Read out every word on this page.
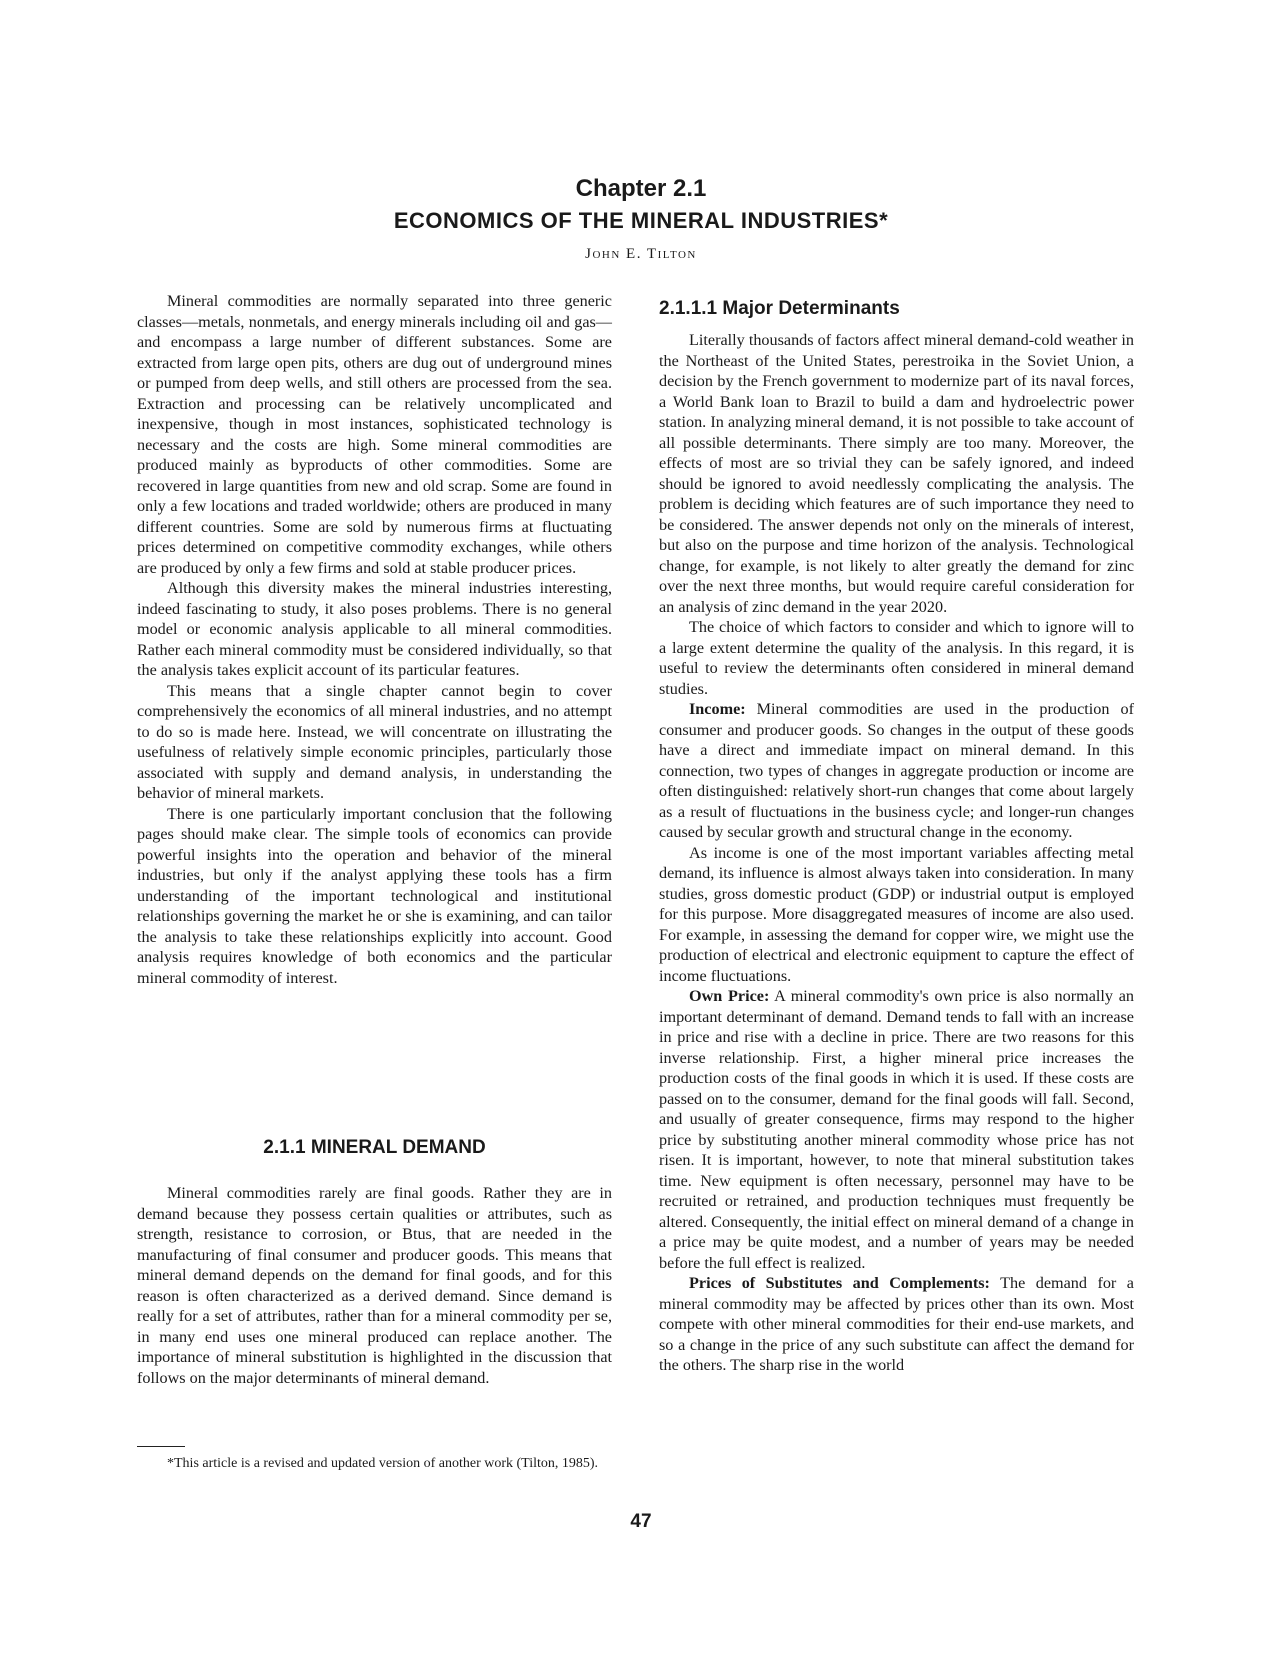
Chapter 2.1
ECONOMICS OF THE MINERAL INDUSTRIES*
John E. Tilton

Mineral commodities are normally separated into three generic classes—metals, nonmetals, and energy minerals including oil and gas—and encompass a large number of different substances. Some are extracted from large open pits, others are dug out of underground mines or pumped from deep wells, and still others are processed from the sea. Extraction and processing can be relatively uncomplicated and inexpensive, though in most instances, sophisticated technology is necessary and the costs are high. Some mineral commodities are produced mainly as byproducts of other commodities. Some are recovered in large quantities from new and old scrap. Some are found in only a few locations and traded worldwide; others are produced in many different countries. Some are sold by numerous firms at fluctuating prices determined on competitive commodity exchanges, while others are produced by only a few firms and sold at stable producer prices.

Although this diversity makes the mineral industries interesting, indeed fascinating to study, it also poses problems. There is no general model or economic analysis applicable to all mineral commodities. Rather each mineral commodity must be considered individually, so that the analysis takes explicit account of its particular features.

This means that a single chapter cannot begin to cover comprehensively the economics of all mineral industries, and no attempt to do so is made here. Instead, we will concentrate on illustrating the usefulness of relatively simple economic principles, particularly those associated with supply and demand analysis, in understanding the behavior of mineral markets.

There is one particularly important conclusion that the following pages should make clear. The simple tools of economics can provide powerful insights into the operation and behavior of the mineral industries, but only if the analyst applying these tools has a firm understanding of the important technological and institutional relationships governing the market he or she is examining, and can tailor the analysis to take these relationships explicitly into account. Good analysis requires knowledge of both economics and the particular mineral commodity of interest.

2.1.1 MINERAL DEMAND

Mineral commodities rarely are final goods. Rather they are in demand because they possess certain qualities or attributes, such as strength, resistance to corrosion, or Btus, that are needed in the manufacturing of final consumer and producer goods. This means that mineral demand depends on the demand for final goods, and for this reason is often characterized as a derived demand. Since demand is really for a set of attributes, rather than for a mineral commodity per se, in many end uses one mineral produced can replace another. The importance of mineral substitution is highlighted in the discussion that follows on the major determinants of mineral demand.

*This article is a revised and updated version of another work (Tilton, 1985).

2.1.1.1 Major Determinants

Literally thousands of factors affect mineral demand-cold weather in the Northeast of the United States, perestroika in the Soviet Union, a decision by the French government to modernize part of its naval forces, a World Bank loan to Brazil to build a dam and hydroelectric power station. In analyzing mineral demand, it is not possible to take account of all possible determinants. There simply are too many. Moreover, the effects of most are so trivial they can be safely ignored, and indeed should be ignored to avoid needlessly complicating the analysis. The problem is deciding which features are of such importance they need to be considered. The answer depends not only on the minerals of interest, but also on the purpose and time horizon of the analysis. Technological change, for example, is not likely to alter greatly the demand for zinc over the next three months, but would require careful consideration for an analysis of zinc demand in the year 2020.

The choice of which factors to consider and which to ignore will to a large extent determine the quality of the analysis. In this regard, it is useful to review the determinants often considered in mineral demand studies.

Income: Mineral commodities are used in the production of consumer and producer goods. So changes in the output of these goods have a direct and immediate impact on mineral demand. In this connection, two types of changes in aggregate production or income are often distinguished: relatively short-run changes that come about largely as a result of fluctuations in the business cycle; and longer-run changes caused by secular growth and structural change in the economy.

As income is one of the most important variables affecting metal demand, its influence is almost always taken into consideration. In many studies, gross domestic product (GDP) or industrial output is employed for this purpose. More disaggregated measures of income are also used. For example, in assessing the demand for copper wire, we might use the production of electrical and electronic equipment to capture the effect of income fluctuations.

Own Price: A mineral commodity's own price is also normally an important determinant of demand. Demand tends to fall with an increase in price and rise with a decline in price. There are two reasons for this inverse relationship. First, a higher mineral price increases the production costs of the final goods in which it is used. If these costs are passed on to the consumer, demand for the final goods will fall. Second, and usually of greater consequence, firms may respond to the higher price by substituting another mineral commodity whose price has not risen. It is important, however, to note that mineral substitution takes time. New equipment is often necessary, personnel may have to be recruited or retrained, and production techniques must frequently be altered. Consequently, the initial effect on mineral demand of a change in a price may be quite modest, and a number of years may be needed before the full effect is realized.

Prices of Substitutes and Complements: The demand for a mineral commodity may be affected by prices other than its own. Most compete with other mineral commodities for their end-use markets, and so a change in the price of any such substitute can affect the demand for the others. The sharp rise in the world

47
